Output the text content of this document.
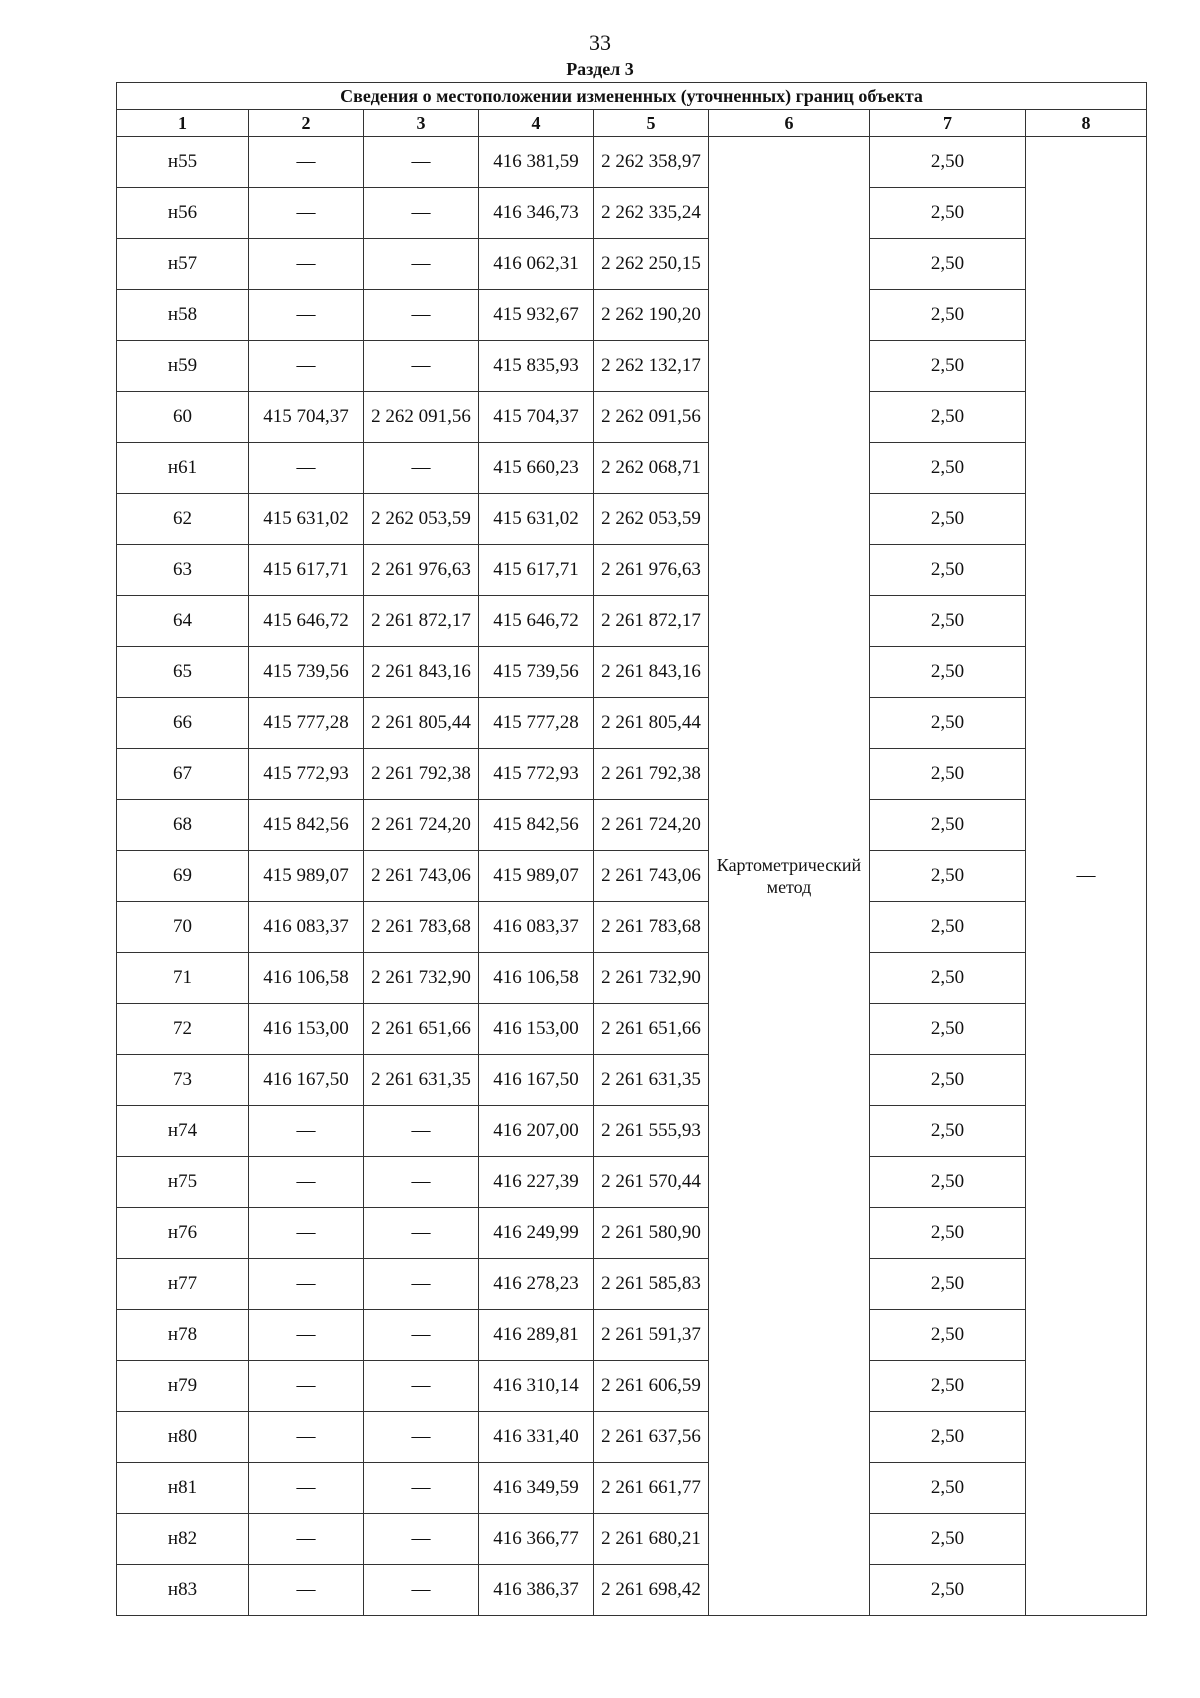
33
Раздел 3
Сведения о местоположении измененных (уточненных) границ объекта							
1	2	3	4	5	6	7	8
н55	—	—	416 381,59	2 262 358,97	Картометрический метод	2,50	—
н56	—	—	416 346,73	2 262 335,24		2,50	
н57	—	—	416 062,31	2 262 250,15		2,50	
н58	—	—	415 932,67	2 262 190,20		2,50	
н59	—	—	415 835,93	2 262 132,17		2,50	
60	415 704,37	2 262 091,56	415 704,37	2 262 091,56		2,50	
н61	—	—	415 660,23	2 262 068,71		2,50	
62	415 631,02	2 262 053,59	415 631,02	2 262 053,59		2,50	
63	415 617,71	2 261 976,63	415 617,71	2 261 976,63		2,50	
64	415 646,72	2 261 872,17	415 646,72	2 261 872,17		2,50	
65	415 739,56	2 261 843,16	415 739,56	2 261 843,16		2,50	
66	415 777,28	2 261 805,44	415 777,28	2 261 805,44		2,50	
67	415 772,93	2 261 792,38	415 772,93	2 261 792,38		2,50	
68	415 842,56	2 261 724,20	415 842,56	2 261 724,20		2,50	
69	415 989,07	2 261 743,06	415 989,07	2 261 743,06		2,50	
70	416 083,37	2 261 783,68	416 083,37	2 261 783,68		2,50	
71	416 106,58	2 261 732,90	416 106,58	2 261 732,90		2,50	
72	416 153,00	2 261 651,66	416 153,00	2 261 651,66		2,50	
73	416 167,50	2 261 631,35	416 167,50	2 261 631,35		2,50	
н74	—	—	416 207,00	2 261 555,93		2,50	
н75	—	—	416 227,39	2 261 570,44		2,50	
н76	—	—	416 249,99	2 261 580,90		2,50	
н77	—	—	416 278,23	2 261 585,83		2,50	
н78	—	—	416 289,81	2 261 591,37		2,50	
н79	—	—	416 310,14	2 261 606,59		2,50	
н80	—	—	416 331,40	2 261 637,56		2,50	
н81	—	—	416 349,59	2 261 661,77		2,50	
н82	—	—	416 366,77	2 261 680,21		2,50	
н83	—	—	416 386,37	2 261 698,42		2,50	
